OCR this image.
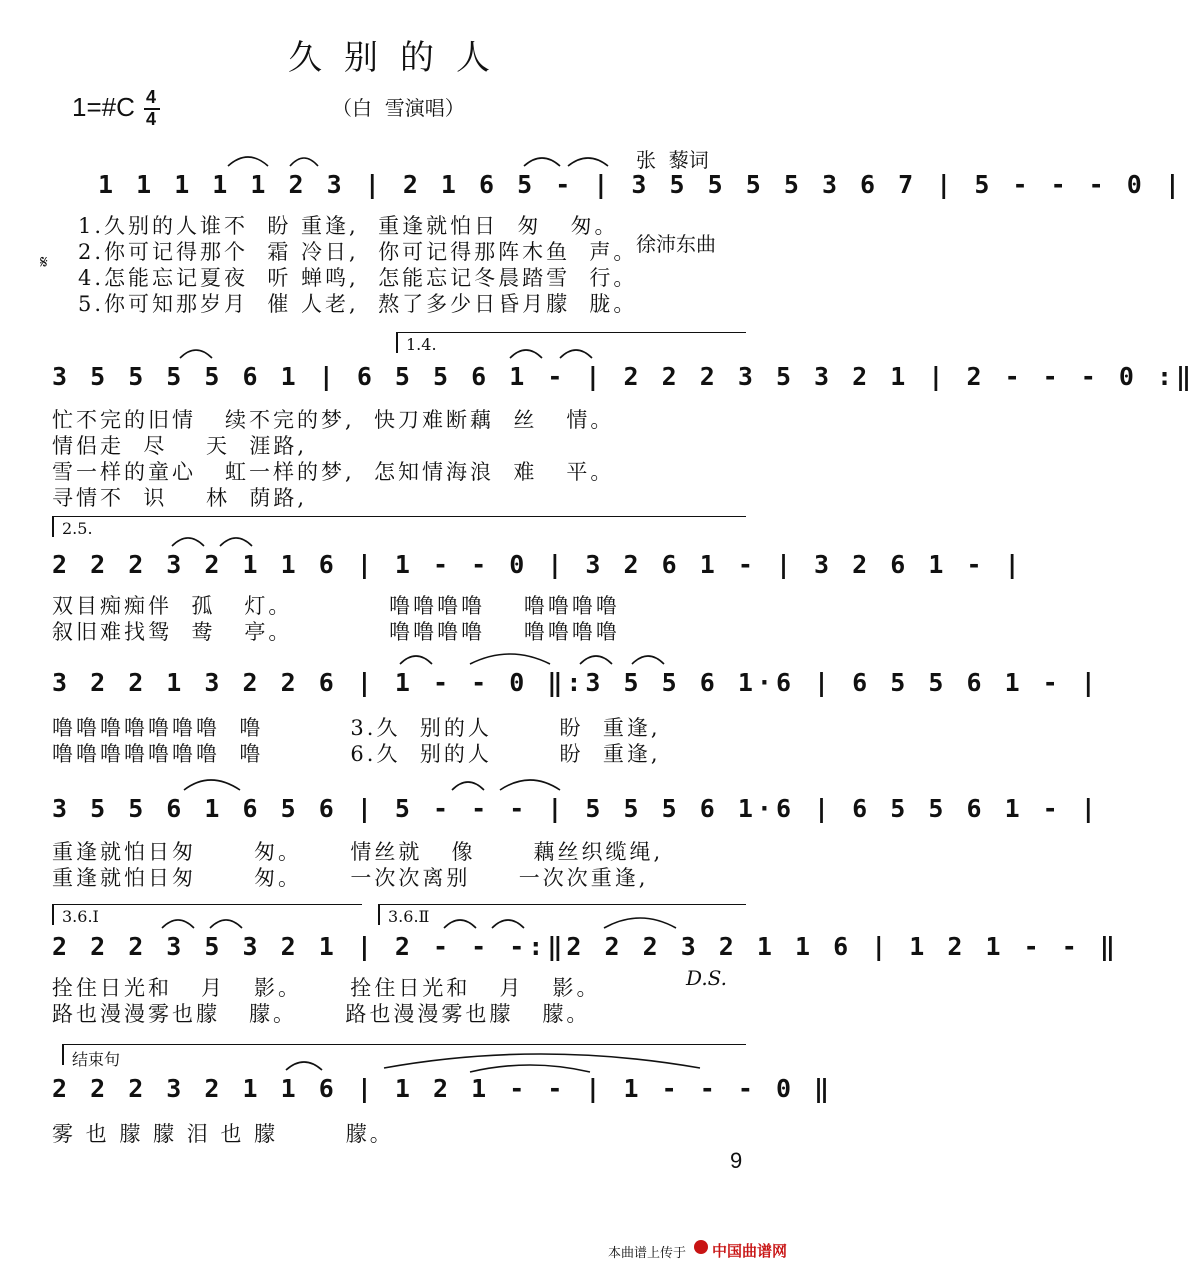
久别的人
1=#C 4
4	（白  雪演唱）

张  藜词

徐沛东曲

1 1 1 1 1 2 3 | 2 1 6 5 - | 3 5 5 5 5 3 6 7 | 5 - - - 0 |
𝄋
1.久别的人谁不  盼 重逢,  重逢就怕日  匆   匆。
2.你可记得那个  霜 冷日,  你可记得那阵木鱼  声。
4.怎能忘记夏夜  听 蝉鸣,  怎能忘记冬晨踏雪  行。
5.你可知那岁月  催 人老,  熬了多少日昏月朦  胧。
1.4.
3 5 5 5 5 6 1 | 6 5 5 6 1 - | 2 2 2 3 5 3 2 1 | 2 - - - 0 :‖
忙不完的旧情   续不完的梦,  快刀难断藕  丝   情。
情侣走  尽    天  涯路,
雪一样的童心   虹一样的梦,  怎知情海浪  难   平。
寻情不  识    林  荫路,
2.5.
2 2 2 3 2 1 1 6 | 1 - - 0 | 3 2 6 1 - | 3 2 6 1 - |
双目痴痴伴  孤   灯。          噜噜噜噜    噜噜噜噜
叙旧难找鸳  鸯   亭。          噜噜噜噜    噜噜噜噜
3 2 2 1 3 2 2 6 | 1 - - 0 ‖:3 5 5 6 1·6 | 6 5 5 6 1 - |
噜噜噜噜噜噜噜  噜         3.久  别的人       盼  重逢,
噜噜噜噜噜噜噜  噜         6.久  别的人       盼  重逢,
3 5 5 6 1 6 5 6 | 5 - - - | 5 5 5 6 1·6 | 6 5 5 6 1 - |
重逢就怕日匆      匆。     情丝就   像      藕丝织缆绳,
重逢就怕日匆      匆。     一次次离别     一次次重逢,
3.6.Ⅰ	3.6.Ⅱ
2 2 2 3 5 3 2 1 | 2 - - -:‖2 2 2 3 2 1 1 6 | 1 2 1 - - ‖
D.S.
拴住日光和   月   影。     拴住日光和   月   影。
路也漫漫雾也朦   朦。     路也漫漫雾也朦   朦。
结束句
2 2 2 3 2 1 1 6 | 1 2 1 - - | 1 - - - 0 ‖
雾 也 朦 朦 泪 也 朦       朦。
9
本曲谱上传于 中国曲谱网
